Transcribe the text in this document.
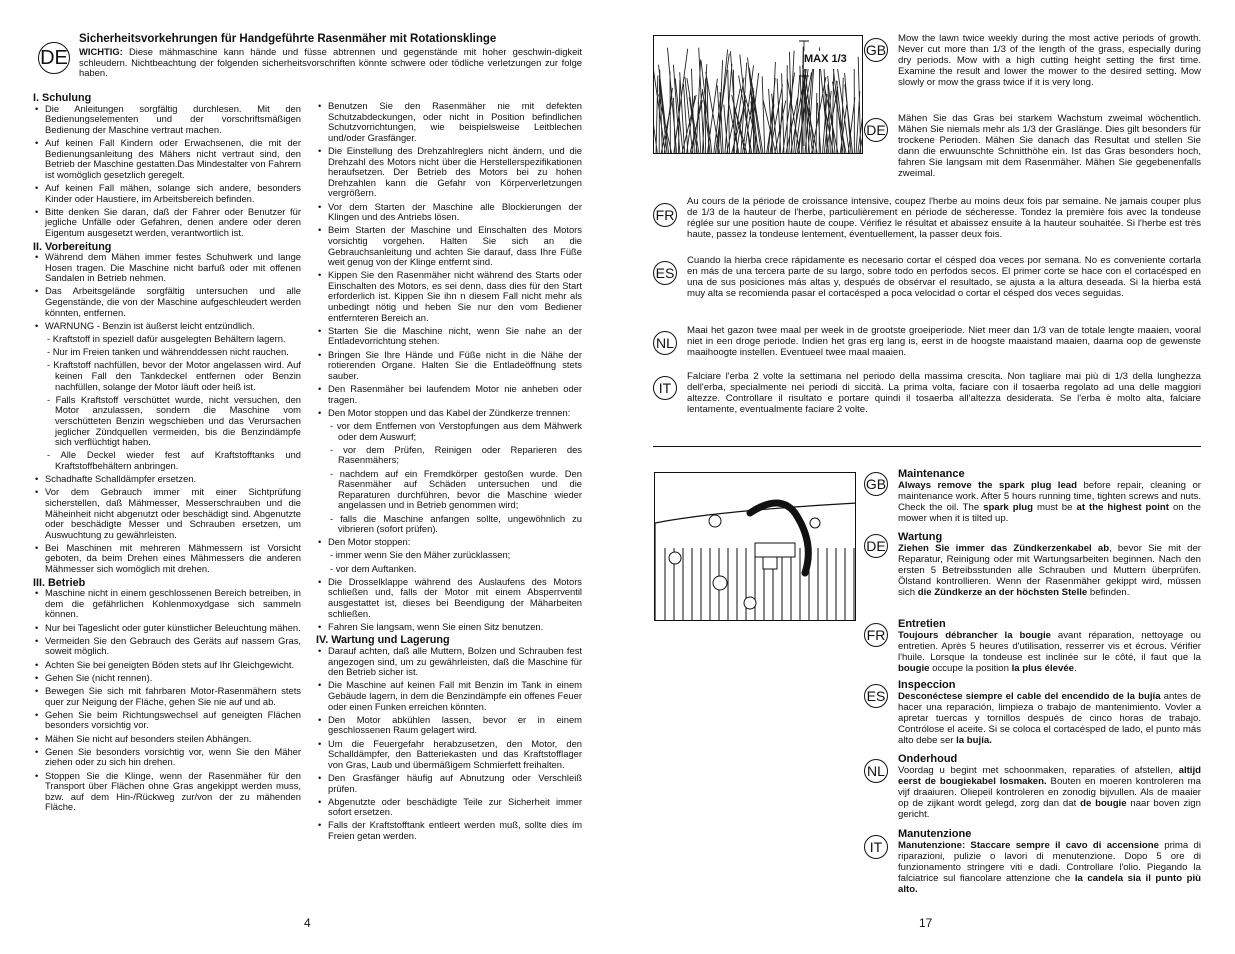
DE
Sicherheitsvorkehrungen für Handgeführte Rasenmäher mit Rotationsklinge
WICHTIG: Diese mähmaschine kann hände und füsse abtrennen und gegenstände mit hoher geschwin-digkeit schleudern. Nichtbeachtung der folgenden sicherheitsvorschriften könnte schwere oder tödliche verletzungen zur folge haben.
I. Schulung
• Die Anleitungen sorgfältig durchlesen. Mit den Bedienungselementen und der vorschriftsmäßigen Bedienung der Maschine vertraut machen.
• Auf keinen Fall Kindern oder Erwachsenen, die mit der Bedienungsanleitung des Mähers nicht vertraut sind, den Betrieb der Maschine gestatten.Das Mindestalter von Fahrern ist womöglich gesetzlich geregelt.
• Auf keinen Fall mähen, solange sich andere, besonders Kinder oder Haustiere, im Arbeitsbereich befinden.
• Bitte denken Sie daran, daß der Fahrer oder Benutzer für jegliche Unfälle oder Gefahren, denen andere oder deren Eigentum ausgesetzt werden, verantwortlich ist.
II. Vorbereitung
• Während dem Mähen immer festes Schuhwerk und lange Hosen tragen. Die Maschine nicht barfuß oder mit offenen Sandalen in Betrieb nehmen.
• Das Arbeitsgelände sorgfältig untersuchen und alle Gegenstände, die von der Maschine aufgeschleudert werden könnten, entfernen.
• WARNUNG - Benzin ist äußerst leicht entzündlich.
- Kraftstoff in speziell dafür ausgelegten Behältern lagern.
- Nur im Freien tanken und währenddessen nicht rauchen.
- Kraftstoff nachfüllen, bevor der Motor angelassen wird. Auf keinen Fall den Tankdeckel entfernen oder Benzin nachfüllen, solange der Motor läuft oder heiß ist.
- Falls Kraftstoff verschüttet wurde, nicht versuchen, den Motor anzulassen, sondern die Maschine vom verschütteten Benzin wegschieben und das Verursachen jeglicher Zündquellen vermeiden, bis die Benzindämpfe sich verflüchtigt haben.
- Alle Deckel wieder fest auf Kraftstofftanks und Kraftstoffbehältern anbringen.
• Schadhafte Schalldämpfer ersetzen.
• Vor dem Gebrauch immer mit einer Sichtprüfung sicherstellen, daß Mähmesser, Messerschrauben und die Mäheinheit nicht abgenutzt oder beschädigt sind. Abgenutzte oder beschädigte Messer und Schrauben ersetzen, um Auswuchtung zu gewährleisten.
• Bei Maschinen mit mehreren Mähmessern ist Vorsicht geboten, da beim Drehen eines Mähmessers die anderen Mähmesser sich womöglich mit drehen.
III. Betrieb
• Maschine nicht in einem geschlossenen Bereich betreiben, in dem die gefährlichen Kohlenmoxydgase sich sammeln können.
• Nur bei Tageslicht oder guter künstlicher Beleuchtung mähen.
• Vermeiden Sie den Gebrauch des Geräts auf nassem Gras, soweit möglich.
• Achten Sie bei geneigten Böden stets auf Ihr Gleichgewicht.
• Gehen Sie (nicht rennen).
• Bewegen Sie sich mit fahrbaren Motor-Rasenmähern stets quer zur Neigung der Fläche, gehen Sie nie auf und ab.
• Gehen Sie beim Richtungswechsel auf geneigten Flächen besonders vorsichtig vor.
• Mähen Sie nicht auf besonders steilen Abhängen.
• Genen Sie besonders vorsichtig vor, wenn Sie den Mäher ziehen oder zu sich hin drehen.
• Stoppen Sie die Klinge, wenn der Rasenmäher für den Transport über Flächen ohne Gras angekippt werden muss, bzw. auf dem Hin-/Rückweg zur/von der zu mähenden Fläche.
• Benutzen Sie den Rasenmäher nie mit defekten Schutzabdeckungen, oder nicht in Position befindlichen Schutzvorrichtungen, wie beispielsweise Leitblechen und/oder Grasfänger.
• Die Einstellung des Drehzahlreglers nicht ändern, und die Drehzahl des Motors nicht über die Herstellerspezifikationen heraufsetzen. Der Betrieb des Motors bei zu hohen Drehzahlen kann die Gefahr von Körperverletzungen vergrößern.
• Vor dem Starten der Maschine alle Blockierungen der Klingen und des Antriebs lösen.
• Beim Starten der Maschine und Einschalten des Motors vorsichtig vorgehen. Halten Sie sich an die Gebrauchsanleitung und achten Sie darauf, dass Ihre Füße weit genug von der Klinge entfernt sind.
• Kippen Sie den Rasenmäher nicht während des Starts oder Einschalten des Motors, es sei denn, dass dies für den Start erforderlich ist. Kippen Sie ihn n diesem Fall nicht mehr als unbedingt nötig und heben Sie nur den vom Bediener entfernteren Bereich an.
• Starten Sie die Maschine nicht, wenn Sie nahe an der Entladevorrichtung stehen.
• Bringen Sie Ihre Hände und Füße nicht in die Nähe der rotierenden Organe. Halten Sie die Entladeöffnung stets sauber.
• Den Rasenmäher bei laufendem Motor nie anheben oder tragen.
• Den Motor stoppen und das Kabel der Zündkerze trennen:
- vor dem Entfernen von Verstopfungen aus dem Mähwerk oder dem Auswurf;
- vor dem Prüfen, Reinigen oder Reparieren des Rasenmähers;
- nachdem auf ein Fremdkörper gestoßen wurde. Den Rasenmäher auf Schäden untersuchen und die Reparaturen durchführen, bevor die Maschine wieder angelassen und in Betrieb genommen wird;
- falls die Maschine anfangen sollte, ungewöhnlich zu vibrieren (sofort prüfen).
• Den Motor stoppen:
- immer wenn Sie den Mäher zurücklassen;
- vor dem Auftanken.
• Die Drosselklappe während des Auslaufens des Motors schließen und, falls der Motor mit einem Absperrventil ausgestattet ist, dieses bei Beendigung der Mäharbeiten schließen.
• Fahren Sie langsam, wenn Sie einen Sitz benutzen.
IV. Wartung und Lagerung
• Darauf achten, daß alle Muttern, Bolzen und Schrauben fest angezogen sind, um zu gewährleisten, daß die Maschine für den Betrieb sicher ist.
• Die Maschine auf keinen Fall mit Benzin im Tank in einem Gebäude lagern, in dem die Benzindämpfe ein offenes Feuer oder einen Funken erreichen könnten.
• Den Motor abkühlen lassen, bevor er in einem geschlossenen Raum gelagert wird.
• Um die Feuergefahr herabzusetzen, den Motor, den Schalldämpfer, den Batteriekasten und das Kraftstofflager von Gras, Laub und übermäßigem Schmierfett freihalten.
• Den Grasfänger häufig auf Abnutzung oder Verschleiß prüfen.
• Abgenutzte oder beschädigte Teile zur Sicherheit immer sofort ersetzen.
• Falls der Kraftstofftank entleert werden muß, sollte dies im Freien getan werden.
4
MAX 1/3
GB
Mow the lawn twice weekly during the most active periods of growth. Never cut more than 1/3 of the length of the grass, especially during dry periods. Mow with a high cutting height setting the first time. Examine the result and lower the mower to the desired setting. Mow slowly or mow the grass twice if it is very long.
DE
Mähen Sie das Gras bei starkem Wachstum zweimal wöchentlich. Mähen Sie niemals mehr als 1/3 der Graslänge. Dies gilt besonders für trockene Perioden. Mähen Sie danach das Resultat und stellen Sie dann die erwuunschte Schnitthöhe ein. Ist das Gras besonders hoch, fahren Sie langsam mit dem Rasenmäher. Mähen Sie gegebenenfalls zweimal.
FR
Au cours de la période de croissance intensive, coupez l'herbe au moins deux fois par semaine. Ne jamais couper plus de 1/3 de la hauteur de l'herbe, particulièrement en période de sécheresse. Tondez la première fois avec la tondeuse réglée sur une position haute de coupe. Vérifiez le résultat et abaissez ensuite à la hauteur souhaitée. Si l'herbe est très haute, passez la tondeuse lentement, éventuellement, la passer deux fois.
ES
Cuando la hierba crece rápidamente es necesario cortar el césped doa veces por semana. No es conveniente cortarla en más de una tercera parte de su largo, sobre todo en perfodos secos. El primer corte se hace con el cortacésped en una de sus posiciones más altas y, después de obsérvar el resultado, se ajusta a la altura deseada. Si la hierba está muy alta se recomienda pasar el cortacésped a poca velocidad o cortar el césped dos veces seguidas.
NL
Maai het gazon twee maal per week in de grootste groeiperiode. Niet meer dan 1/3 van de totale lengte maaien, vooral niet in een droge periode. Indien het gras erg lang is, eerst in de hoogste maaistand maaien, daarna oop de gewenste maaihoogte instellen. Eventueel twee maal maaien.
IT
Falciare l'erba 2 volte la settimana nel periodo della massima crescita. Non tagliare mai più di 1/3 della lunghezza dell'erba, specialmente nei periodi di siccità. La prima volta, faciare con il tosaerba regolato ad una delle maggiori altezze. Controllare il risultato e portare quindi il tosaerba all'altezza desiderata. Se l'erba è molto alta, falciare lentamente, eventualmente faciare 2 volte.
GB
Maintenance
Always remove the spark plug lead before repair, cleaning or maintenance work. After 5 hours running time, tighten screws and nuts. Check the oil. The spark plug must be at the highest point on the mower when it is tilted up.
DE
Wartung
Ziehen Sie immer das Zündkerzenkabel ab, bevor Sie mit der Reparatur, Reinigung oder mit Wartungsarbeiten beginnen. Nach den ersten 5 Betreibsstunden alle Schrauben und Muttern überprüfen. Ölstand kontrollieren. Wenn der Rasenmäher gekippt wird, müssen sich die Zündkerze an der höchsten Stelle befinden.
FR
Entretien
Toujours débrancher la bougie avant réparation, nettoyage ou entretien. Après 5 heures d'utilisation, resserrer vis et écrous. Vérifier l'huile. Lorsque la tondeuse est inclinée sur le côté, il faut que la bougie occupe la position la plus élevée.
ES
Inspeccion
Desconéctese siempre el cable del encendido de la bujía antes de hacer una reparación, limpieza o trabajo de mantenimiento. Vovler a apretar tuercas y tornillos después de cinco horas de trabajo. Contrólose el aceite. Si se coloca el cortacésped de lado, el punto más alto debe ser la bujía.
NL
Onderhoud
Voordag u begint met schoonmaken, reparaties of afstellen, altijd eerst de bougiekabel losmaken. Bouten en moeren kontroleren ma vijf draaiuren. Oliepeil kontroleren en zonodig bijvullen. Als de maaier op de zijkant wordt gelegd, zorg dan dat de bougie naar boven zign gericht.
IT
Manutenzione
Manutenzione: Staccare sempre il cavo di accensione prima di riparazioni, pulizie o lavori di menutenzione. Dopo 5 ore di funzionamento stringere viti e dadi. Controllare l'olio. Piegando la falciatrice sul fiancolare attenzione che la candela sia il punto più alto.
17
